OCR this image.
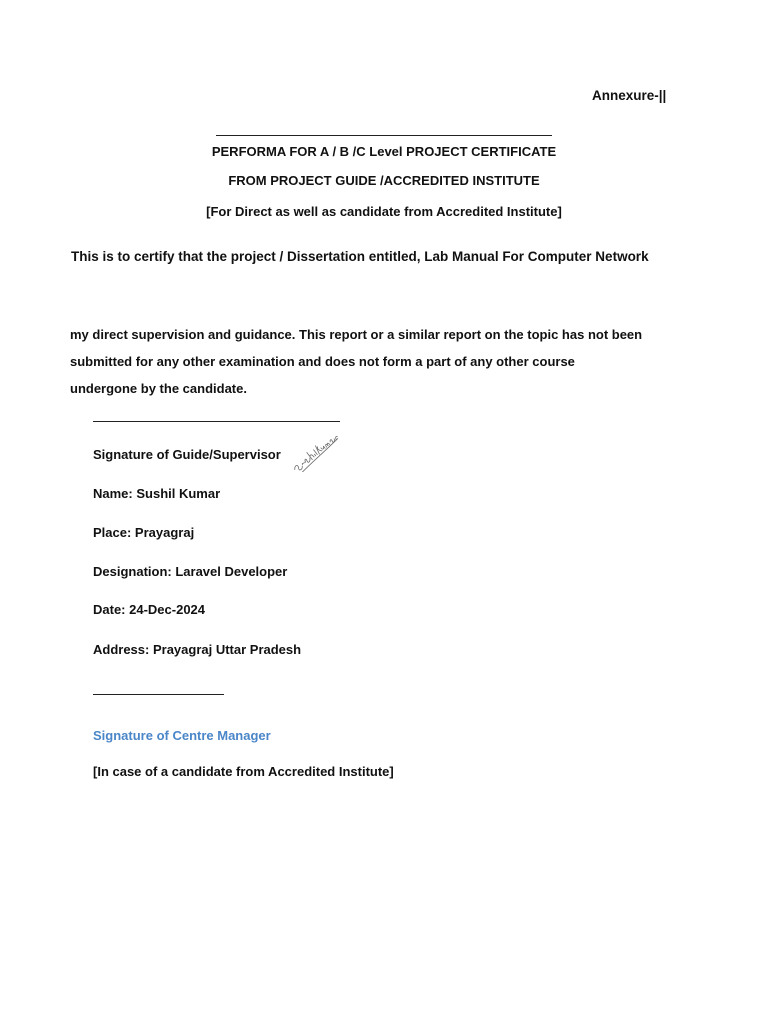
Annexure-||
PERFORMA FOR A / B /C Level PROJECT CERTIFICATE
FROM PROJECT GUIDE /ACCREDITED INSTITUTE
[For Direct as well as candidate from Accredited Institute]
This is to certify that the project / Dissertation entitled, Lab Manual For Computer Network
my direct supervision and guidance. This report or a similar report on the topic has not been
submitted for any other examination and does not form a part of any other course
undergone by the candidate.
Signature of Guide/Supervisor
Name: Sushil Kumar
Place: Prayagraj
Designation: Laravel Developer
Date: 24-Dec-2024
Address: Prayagraj Uttar Pradesh
Signature of Centre Manager
[In case of a candidate from Accredited Institute]
